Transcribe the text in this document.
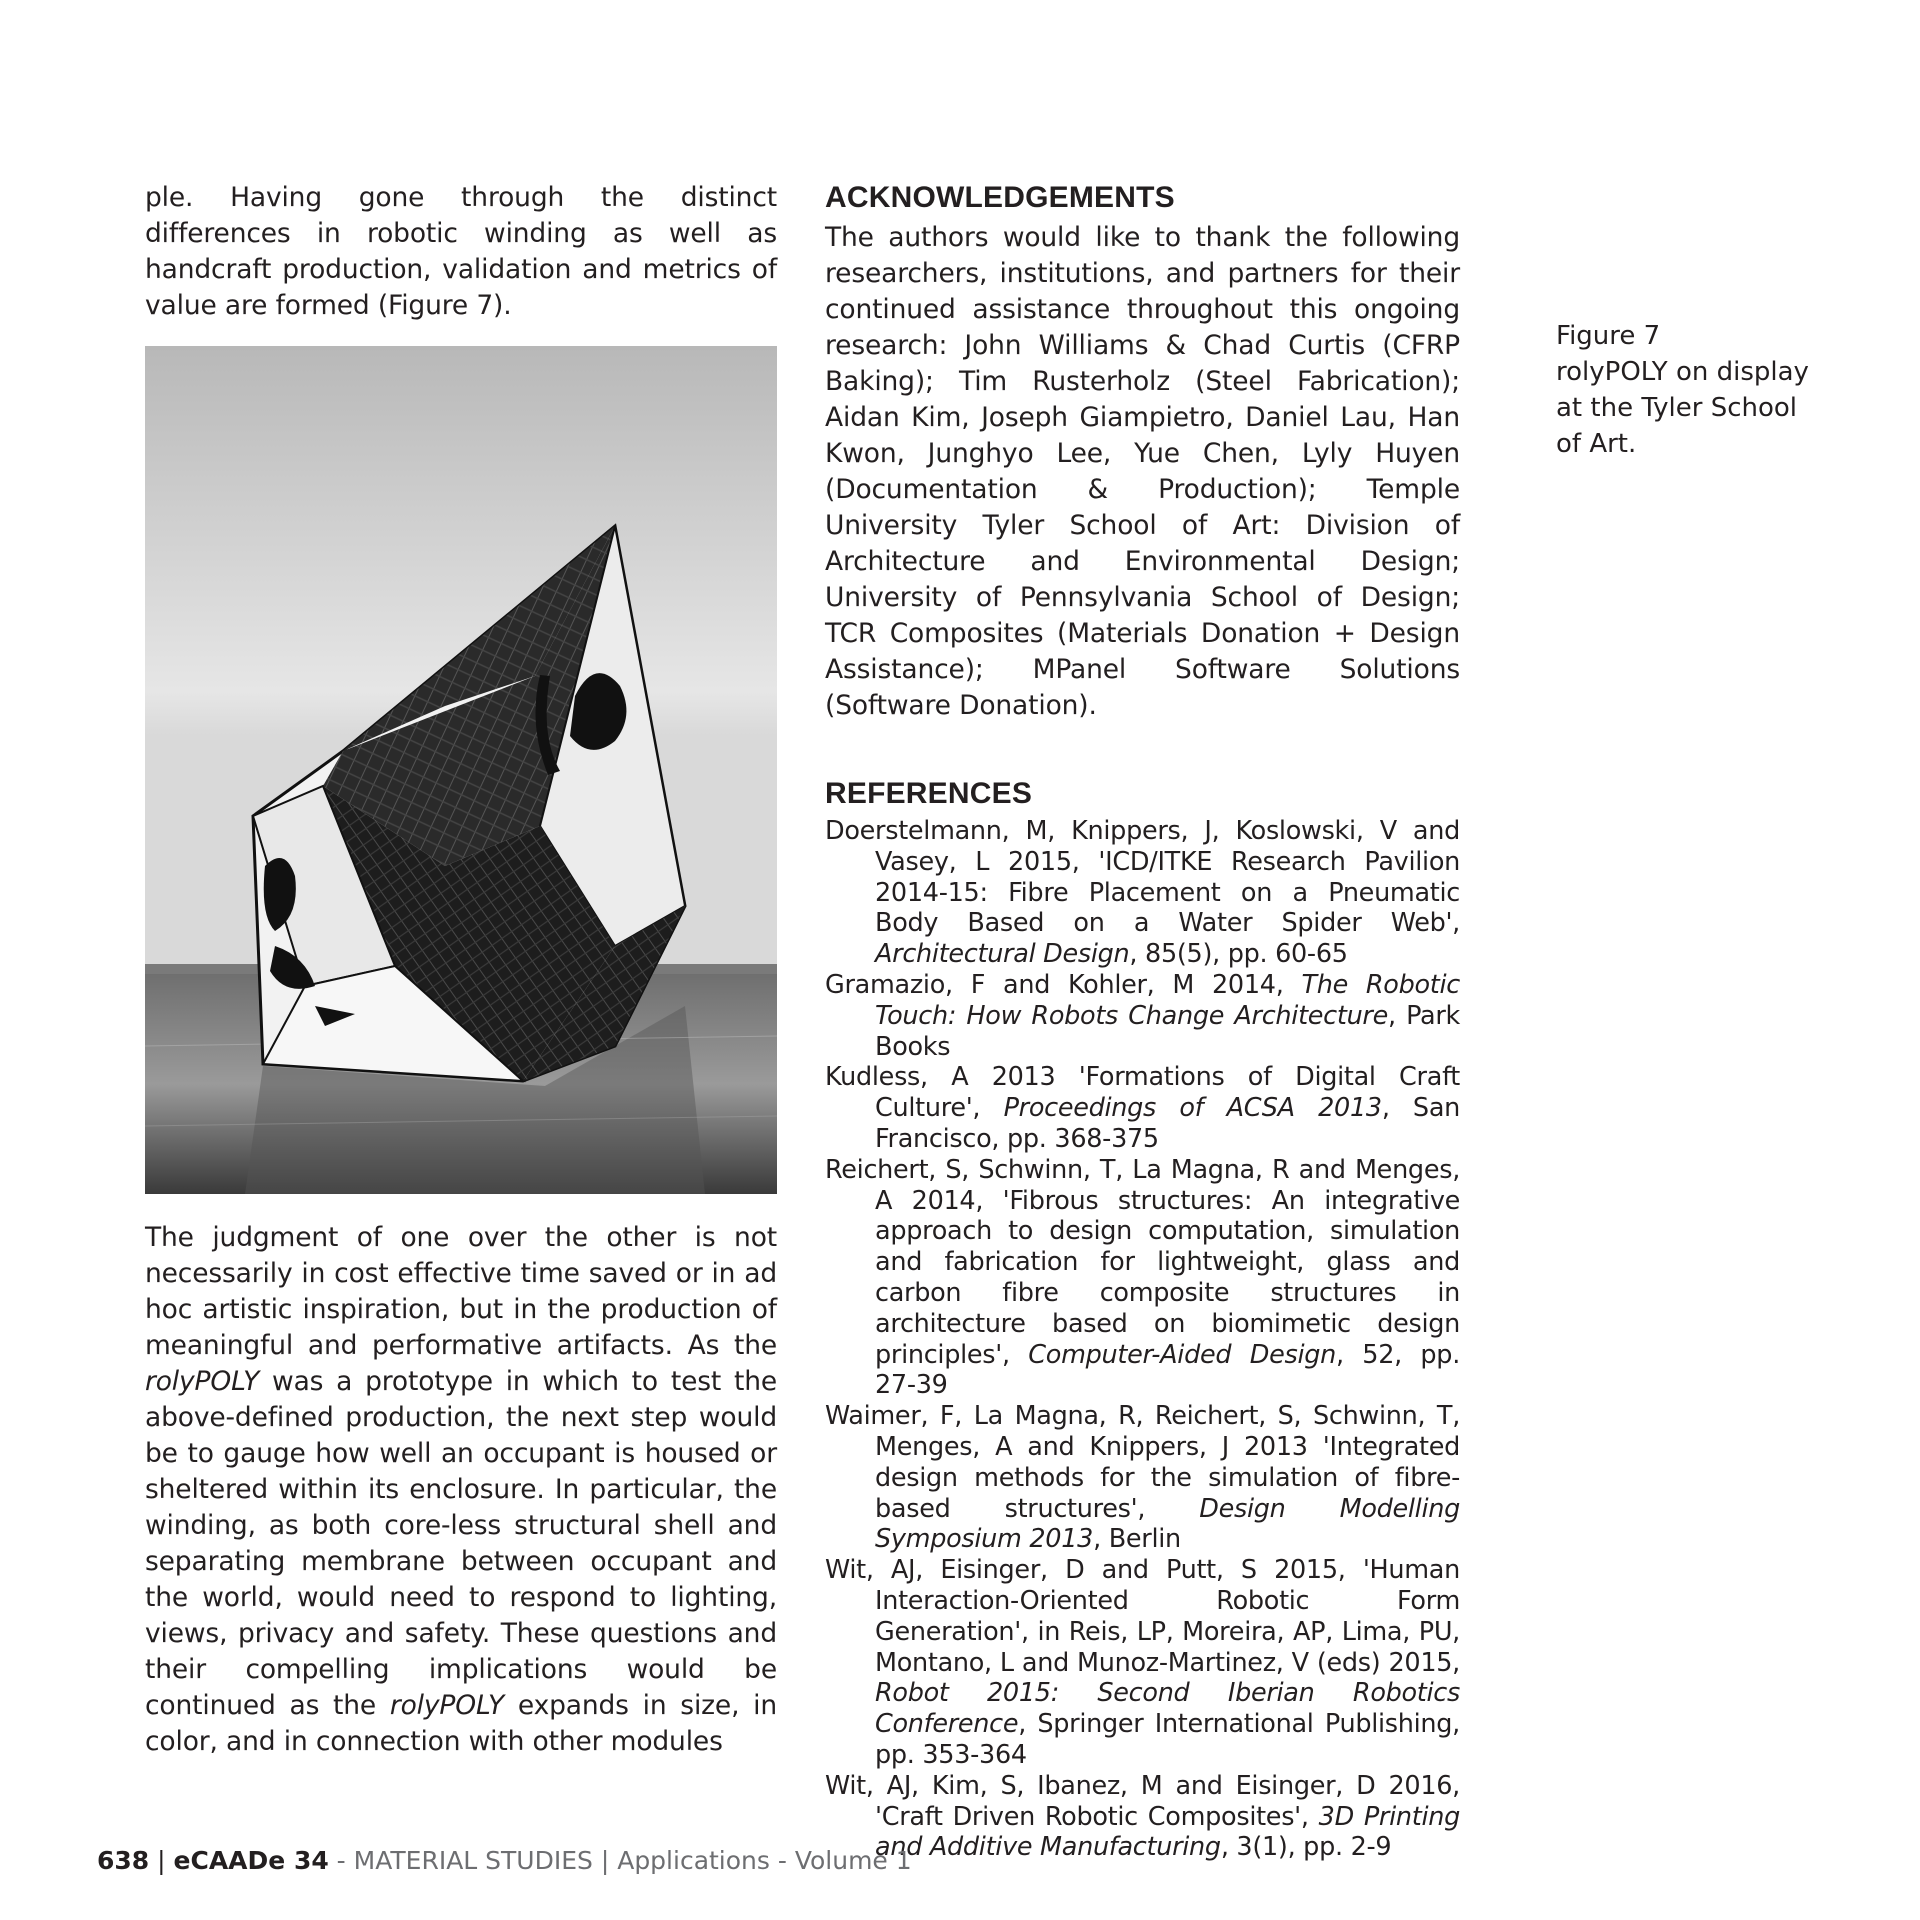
ple. Having gone through the distinct differences in robotic winding as well as handcraft production, validation and metrics of value are formed (Figure 7).

The judgment of one over the other is not necessarily in cost effective time saved or in ad hoc artistic inspiration, but in the production of meaningful and performative artifacts. As the rolyPOLY was a prototype in which to test the above-defined production, the next step would be to gauge how well an occupant is housed or sheltered within its enclosure. In particular, the winding, as both core-less structural shell and separating membrane between occupant and the world, would need to respond to lighting, views, privacy and safety. These questions and their compelling implications would be continued as the rolyPOLY expands in size, in color, and in connection with other modules

ACKNOWLEDGEMENTS

The authors would like to thank the following researchers, institutions, and partners for their continued assistance throughout this ongoing research: John Williams & Chad Curtis (CFRP Baking); Tim Rusterholz (Steel Fabrication); Aidan Kim, Joseph Giampietro, Daniel Lau, Han Kwon, Junghyo Lee, Yue Chen, Lyly Huyen (Documentation & Production); Temple University Tyler School of Art: Division of Architecture and Environmental Design; University of Pennsylvania School of Design; TCR Composites (Materials Donation + Design Assistance); MPanel Software Solutions (Software Donation).

REFERENCES
Doerstelmann, M, Knippers, J, Koslowski, V and Vasey, L 2015, 'ICD/ITKE Research Pavilion 2014-15: Fibre Placement on a Pneumatic Body Based on a Water Spider Web', Architectural Design, 85(5), pp. 60-65
Gramazio, F and Kohler, M 2014, The Robotic Touch: How Robots Change Architecture, Park Books
Kudless, A 2013 'Formations of Digital Craft Culture', Proceedings of ACSA 2013, San Francisco, pp. 368-375
Reichert, S, Schwinn, T, La Magna, R and Menges, A 2014, 'Fibrous structures: An integrative approach to design computation, simulation and fabrication for lightweight, glass and carbon fibre composite structures in architecture based on biomimetic design principles', Computer-Aided Design, 52, pp. 27-39
Waimer, F, La Magna, R, Reichert, S, Schwinn, T, Menges, A and Knippers, J 2013 'Integrated design methods for the simulation of fibre-based structures', Design Modelling Symposium 2013, Berlin
Wit, AJ, Eisinger, D and Putt, S 2015, 'Human Interaction-Oriented Robotic Form Generation', in Reis, LP, Moreira, AP, Lima, PU, Montano, L and Munoz-Martinez, V (eds) 2015, Robot 2015: Second Iberian Robotics Conference, Springer International Publishing, pp. 353-364
Wit, AJ, Kim, S, Ibanez, M and Eisinger, D 2016, 'Craft Driven Robotic Composites', 3D Printing and Additive Manufacturing, 3(1), pp. 2-9
Figure 7
rolyPOLY on display at the Tyler School of Art.
638 | eCAADe 34 - MATERIAL STUDIES | Applications - Volume 1
